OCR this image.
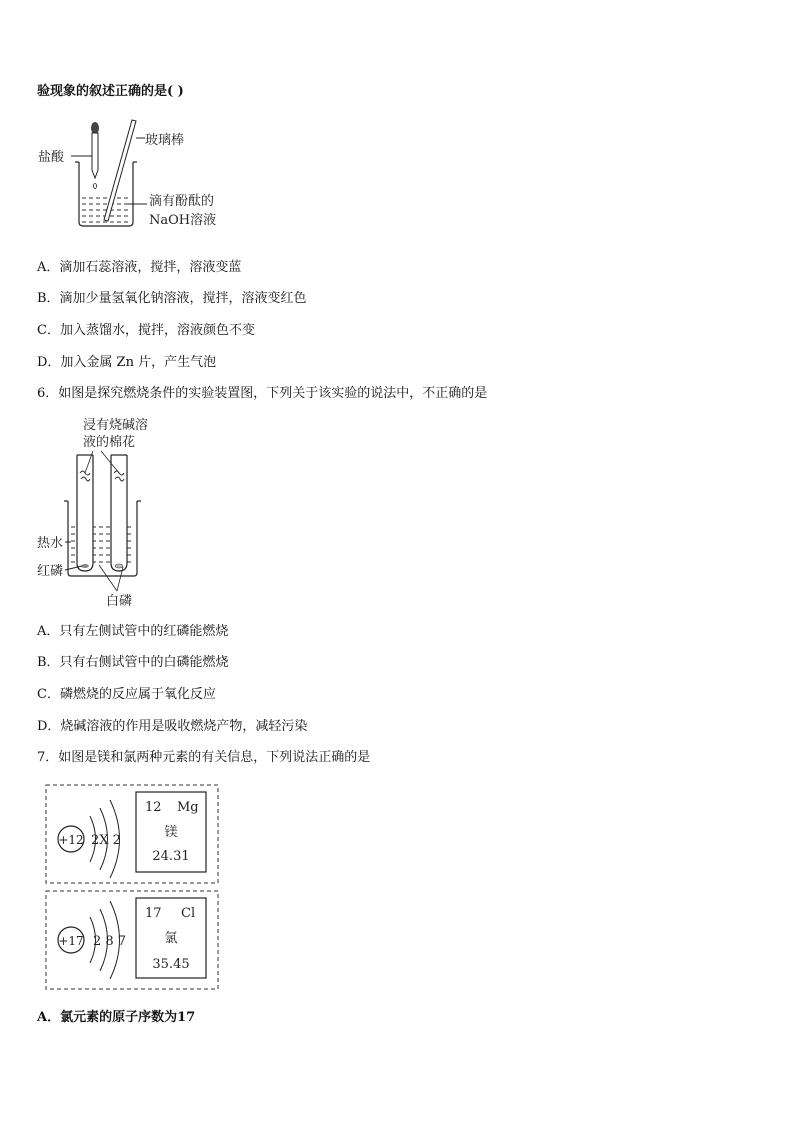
验现象的叙述正确的是( )
玻璃棒
盐酸
滴有酚酞的
NaOH溶液
A．滴加石蕊溶液，搅拌，溶液变蓝
B．滴加少量氢氧化钠溶液，搅拌，溶液变红色
C．加入蒸馏水，搅拌，溶液颜色不变
D．加入金属 Zn 片，产生气泡
6．如图是探究燃烧条件的实验装置图，下列关于该实验的说法中，不正确的是
浸有烧碱溶
液的棉花
热水
红磷
白磷
A．只有左侧试管中的红磷能燃烧
B．只有右侧试管中的白磷能燃烧
C．磷燃烧的反应属于氧化反应
D．烧碱溶液的作用是吸收燃烧产物，减轻污染
7．如图是镁和氯两种元素的有关信息，下列说法正确的是
+12 2X 2
12 Mg
镁
24.31
+17 2 8 7
17 Cl
氯
35.45
A．氯元素的原子序数为17
